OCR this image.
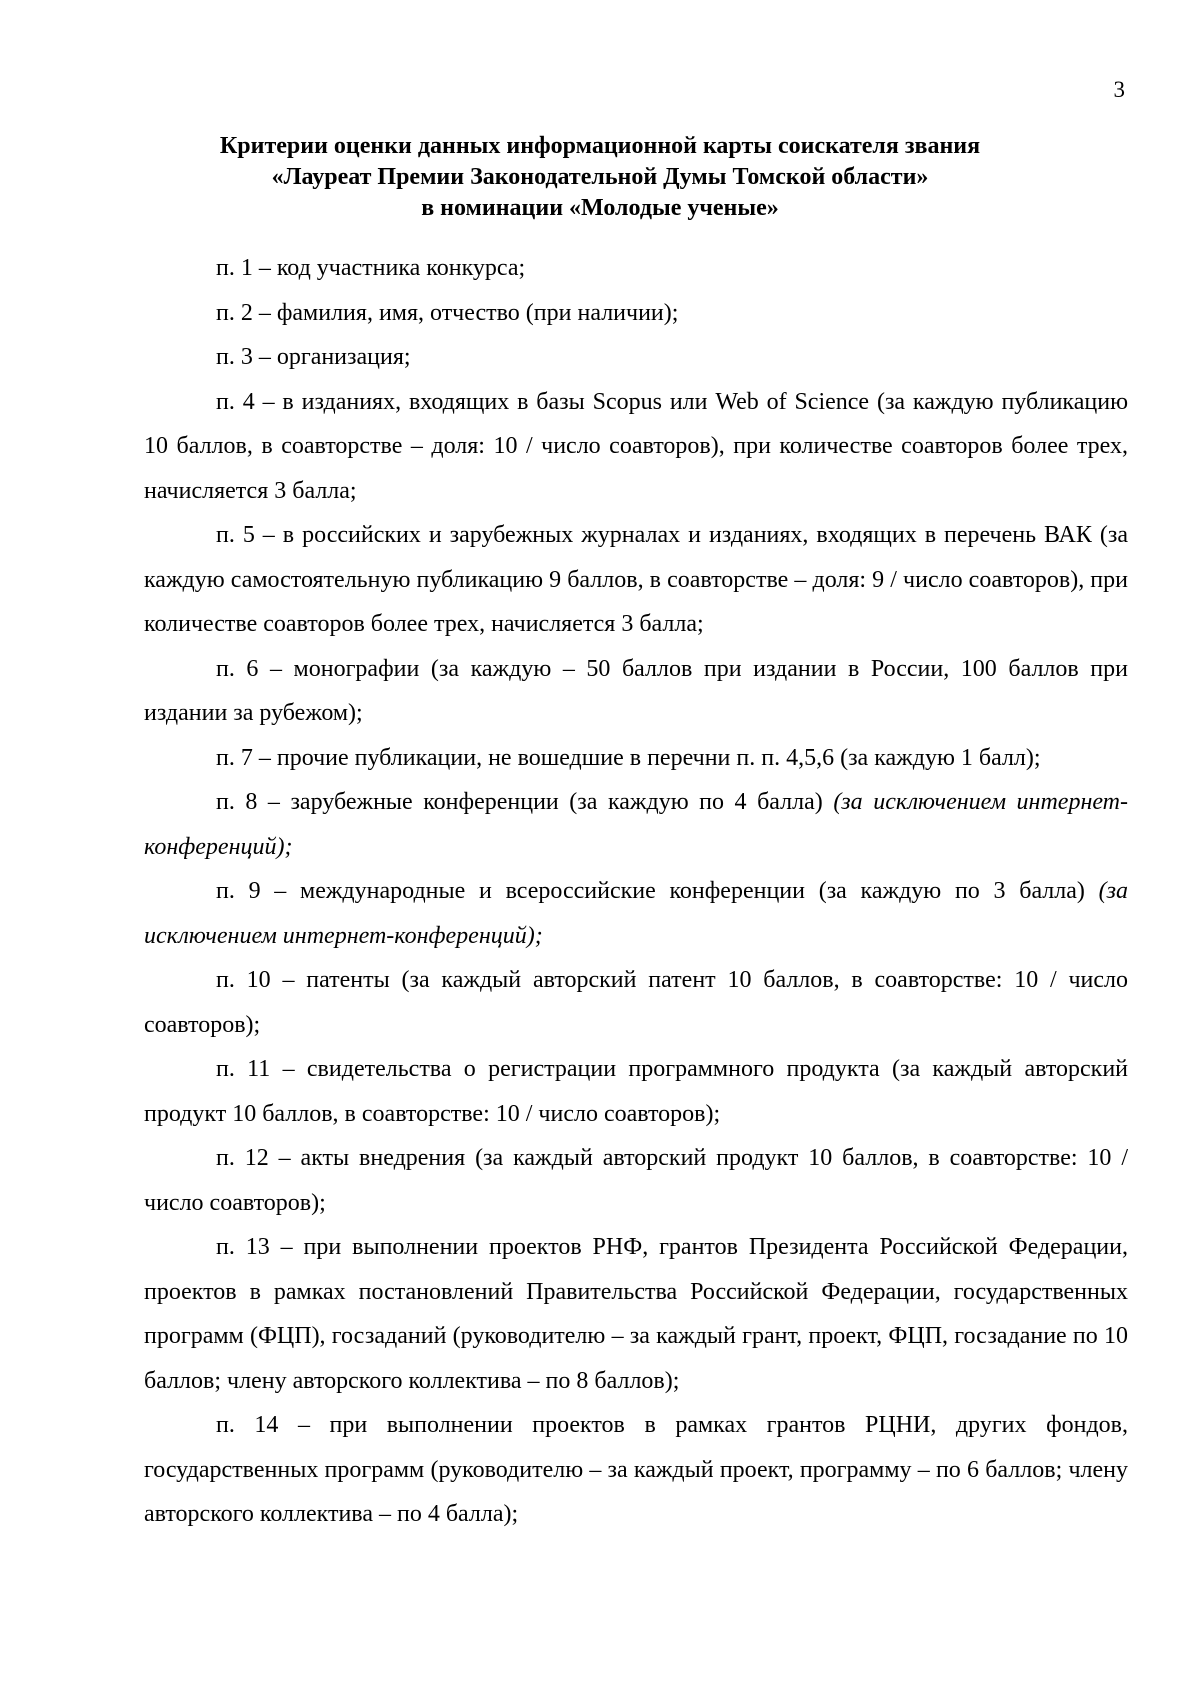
3
Критерии оценки данных информационной карты соискателя звания
«Лауреат Премии Законодательной Думы Томской области»
в номинации «Молодые ученые»

п. 1 – код участника конкурса;

п. 2 – фамилия, имя, отчество (при наличии);

п. 3 – организация;

п. 4 – в изданиях, входящих в базы Scopus или Web of Science (за каждую публикацию 10 баллов, в соавторстве – доля: 10 / число соавторов), при количестве соавторов более трех, начисляется 3 балла;

п. 5 – в российских и зарубежных журналах и изданиях, входящих в перечень ВАК (за каждую самостоятельную публикацию 9 баллов, в соавторстве – доля: 9 / число соавторов), при количестве соавторов более трех, начисляется 3 балла;

п. 6 – монографии (за каждую – 50 баллов при издании в России, 100 баллов при издании за рубежом);

п. 7 – прочие публикации, не вошедшие в перечни п. п. 4,5,6 (за каждую 1 балл);

п. 8 – зарубежные конференции (за каждую по 4 балла) (за исключением интернет-конференций);

п. 9 – международные и всероссийские конференции (за каждую по 3 балла) (за исключением интернет-конференций);

п. 10 – патенты (за каждый авторский патент 10 баллов, в соавторстве: 10 / число соавторов);

п. 11 – свидетельства о регистрации программного продукта (за каждый авторский продукт 10 баллов, в соавторстве: 10 / число соавторов);

п. 12 – акты внедрения (за каждый авторский продукт 10 баллов, в соавторстве: 10 / число соавторов);

п. 13 – при выполнении проектов РНФ, грантов Президента Российской Федерации, проектов в рамках постановлений Правительства Российской Федерации, государственных программ (ФЦП), госзаданий (руководителю – за каждый грант, проект, ФЦП, госзадание по 10 баллов; члену авторского коллектива – по 8 баллов);

п. 14 – при выполнении проектов в рамках грантов РЦНИ, других фондов, государственных программ (руководителю – за каждый проект, программу – по 6 баллов; члену авторского коллектива – по 4 балла);
